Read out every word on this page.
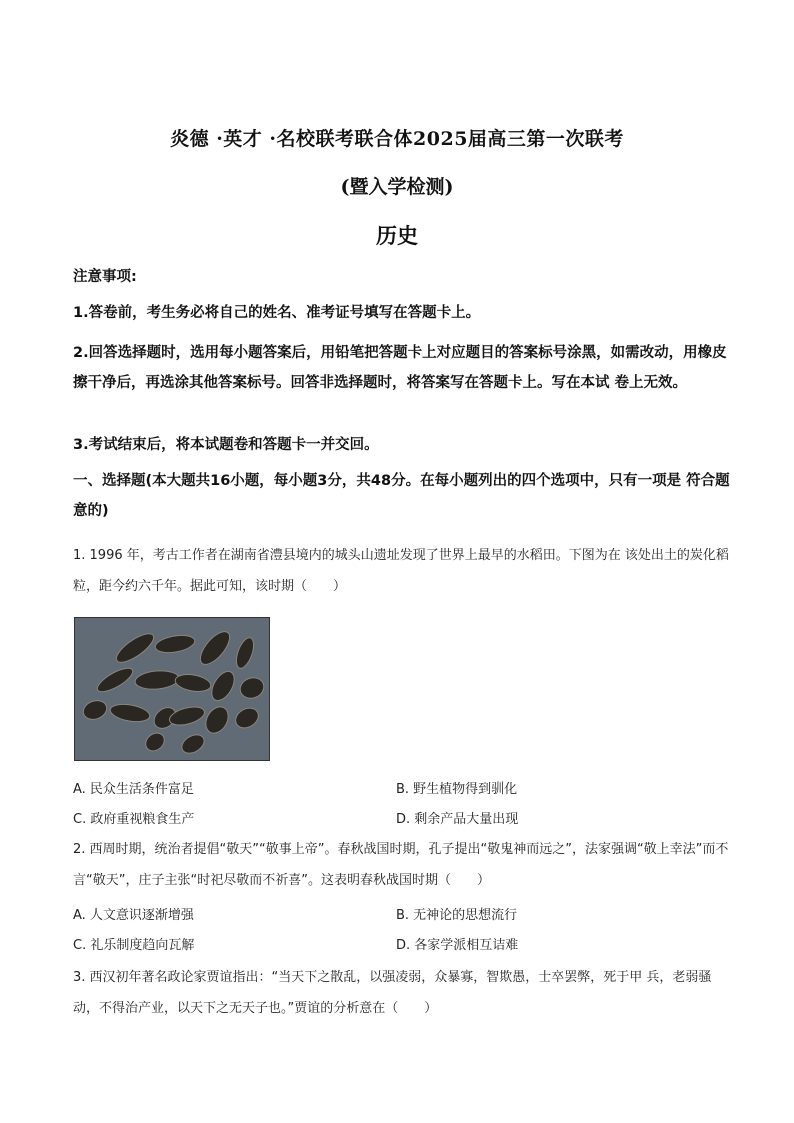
炎德 ·英才 ·名校联考联合体2025届高三第一次联考
(暨入学检测)
历史

注意事项:

1.答卷前，考生务必将自己的姓名、准考证号填写在答题卡上。
2.回答选择题时，选用每小题答案后，用铅笔把答题卡上对应题目的答案标号涂黑，如需改动，用橡皮擦干净后，再选涂其他答案标号。回答非选择题时，将答案写在答题卡上。写在本试 卷上无效。
3.考试结束后，将本试题卷和答题卡一并交回。
一、选择题(本大题共16小题，每小题3分，共48分。在每小题列出的四个选项中，只有一项是 符合题意的)
1. 1996 年，考古工作者在湖南省澧县境内的城头山遗址发现了世界上最早的水稻田。下图为在 该处出土的炭化稻粒，距今约六千年。据此可知，该时期（　　）
A. 民众生活条件富足	B. 野生植物得到驯化
C. 政府重视粮食生产	D. 剩余产品大量出现
2. 西周时期，统治者提倡“敬天”“敬事上帝”。春秋战国时期，孔子提出“敬鬼神而远之”，法家强调“敬上幸法”而不言“敬天”，庄子主张“时祀尽敬而不祈喜”。这表明春秋战国时期（　　）
A. 人文意识逐渐增强	B. 无神论的思想流行
C. 礼乐制度趋向瓦解	D. 各家学派相互诘难
3. 西汉初年著名政论家贾谊指出：“当天下之散乱，以强凌弱，众暴寡，智欺愚，士卒罢弊，死于甲 兵，老弱骚动，不得治产业，以天下之无天子也。”贾谊的分析意在（　　）
